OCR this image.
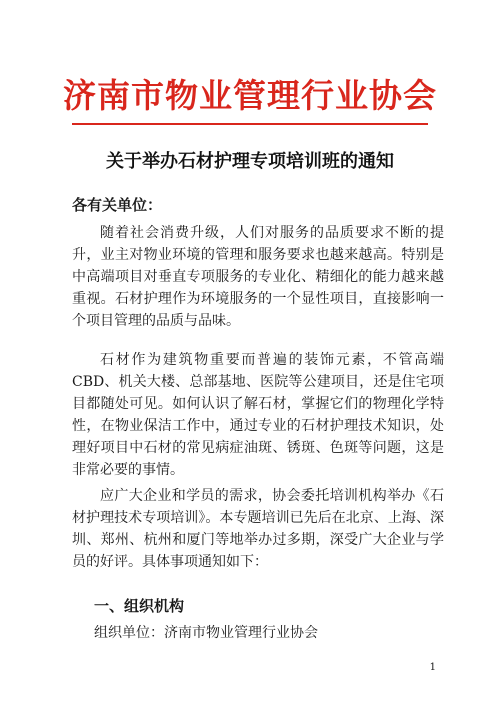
济南市物业管理行业协会
关于举办石材护理专项培训班的通知
各有关单位：

随着社会消费升级，人们对服务的品质要求不断的提升，业主对物业环境的管理和服务要求也越来越高。特别是中高端项目对垂直专项服务的专业化、精细化的能力越来越重视。石材护理作为环境服务的一个显性项目，直接影响一个项目管理的品质与品味。

石材作为建筑物重要而普遍的装饰元素，不管高端CBD、机关大楼、总部基地、医院等公建项目，还是住宅项目都随处可见。如何认识了解石材，掌握它们的物理化学特性，在物业保洁工作中，通过专业的石材护理技术知识，处理好项目中石材的常见病症油斑、锈斑、色斑等问题，这是非常必要的事情。

应广大企业和学员的需求，协会委托培训机构举办《石材护理技术专项培训》。本专题培训已先后在北京、上海、深圳、郑州、杭州和厦门等地举办过多期，深受广大企业与学员的好评。具体事项通知如下：

一、组织机构
组织单位：济南市物业管理行业协会
1
